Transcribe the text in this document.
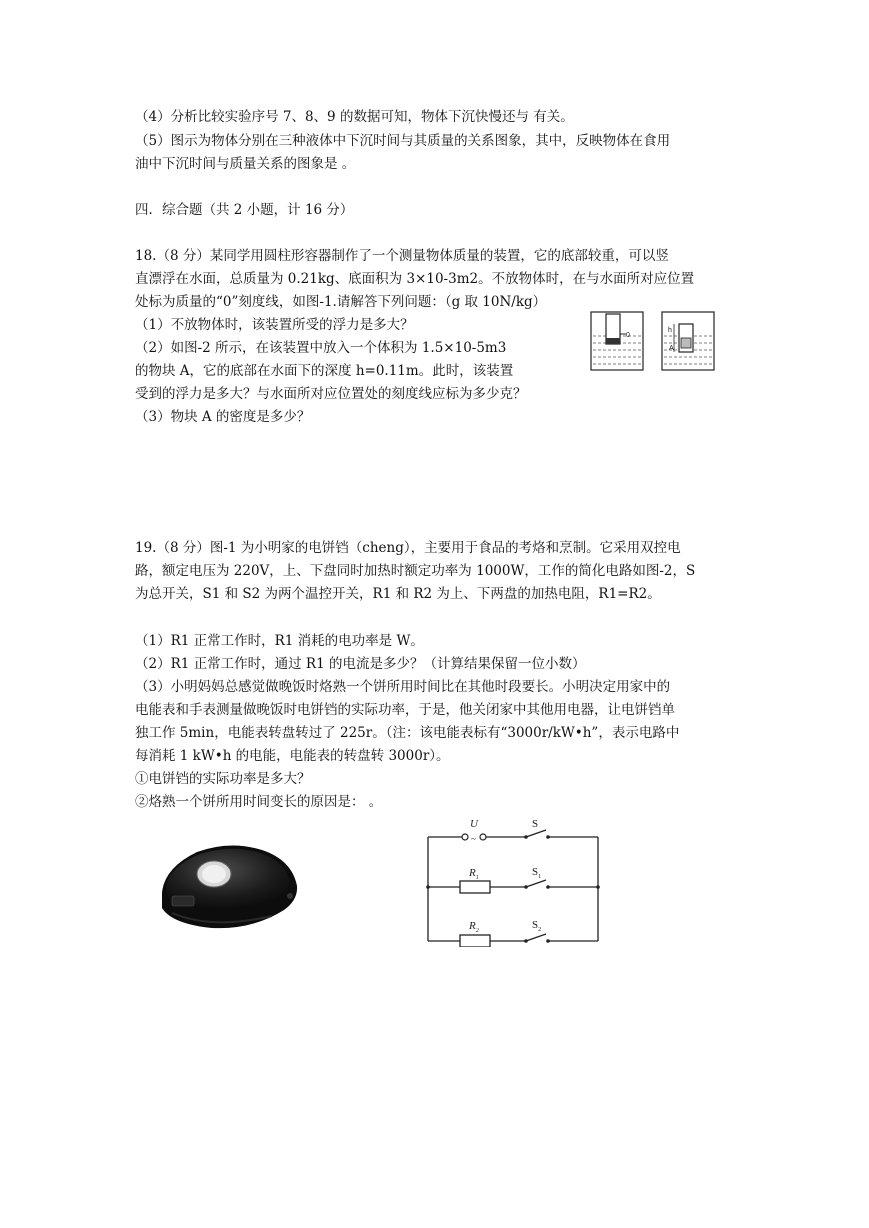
（4）分析比较实验序号 7、8、9 的数据可知，物体下沉快慢还与 有关。
（5）图示为物体分别在三种液体中下沉时间与其质量的关系图象，其中，反映物体在食用
油中下沉时间与质量关系的图象是 。
四．综合题（共 2 小题，计 16 分）
18.（8 分）某同学用圆柱形容器制作了一个测量物体质量的装置，它的底部较重，可以竖
直漂浮在水面，总质量为 0.21kg、底面积为 3×10-3m2。不放物体时，在与水面所对应位置
处标为质量的“0”刻度线，如图-1.请解答下列问题：（g 取 10N/kg）
（1）不放物体时，该装置所受的浮力是多大？
（2）如图-2 所示，在该装置中放入一个体积为 1.5×10-5m3
的物块 A，它的底部在水面下的深度 h=0.11m。此时，该装置
受到的浮力是多大？与水面所对应位置处的刻度线应标为多少克？
（3）物块 A 的密度是多少？
0
A
h
19.（8 分）图-1 为小明家的电饼铛（cheng），主要用于食品的考烙和烹制。它采用双控电
路，额定电压为 220V，上、下盘同时加热时额定功率为 1000W，工作的简化电路如图-2，S
为总开关，S1 和 S2 为两个温控开关，R1 和 R2 为上、下两盘的加热电阻，R1=R2。
（1）R1 正常工作时，R1 消耗的电功率是 W。
（2）R1 正常工作时，通过 R1 的电流是多少？（计算结果保留一位小数）
（3）小明妈妈总感觉做晚饭时烙熟一个饼所用时间比在其他时段要长。小明决定用家中的
电能表和手表测量做晚饭时电饼铛的实际功率，于是，他关闭家中其他用电器，让电饼铛单
独工作 5min，电能表转盘转过了 225r。（注：该电能表标有“3000r/kW•h”，表示电路中
每消耗 1 kW•h 的电能，电能表的转盘转 3000r）。
①电饼铛的实际功率是多大？
②烙熟一个饼所用时间变长的原因是： 。
U
~
S
$R_1$	$S_1$
$R_2$	$S_2$
